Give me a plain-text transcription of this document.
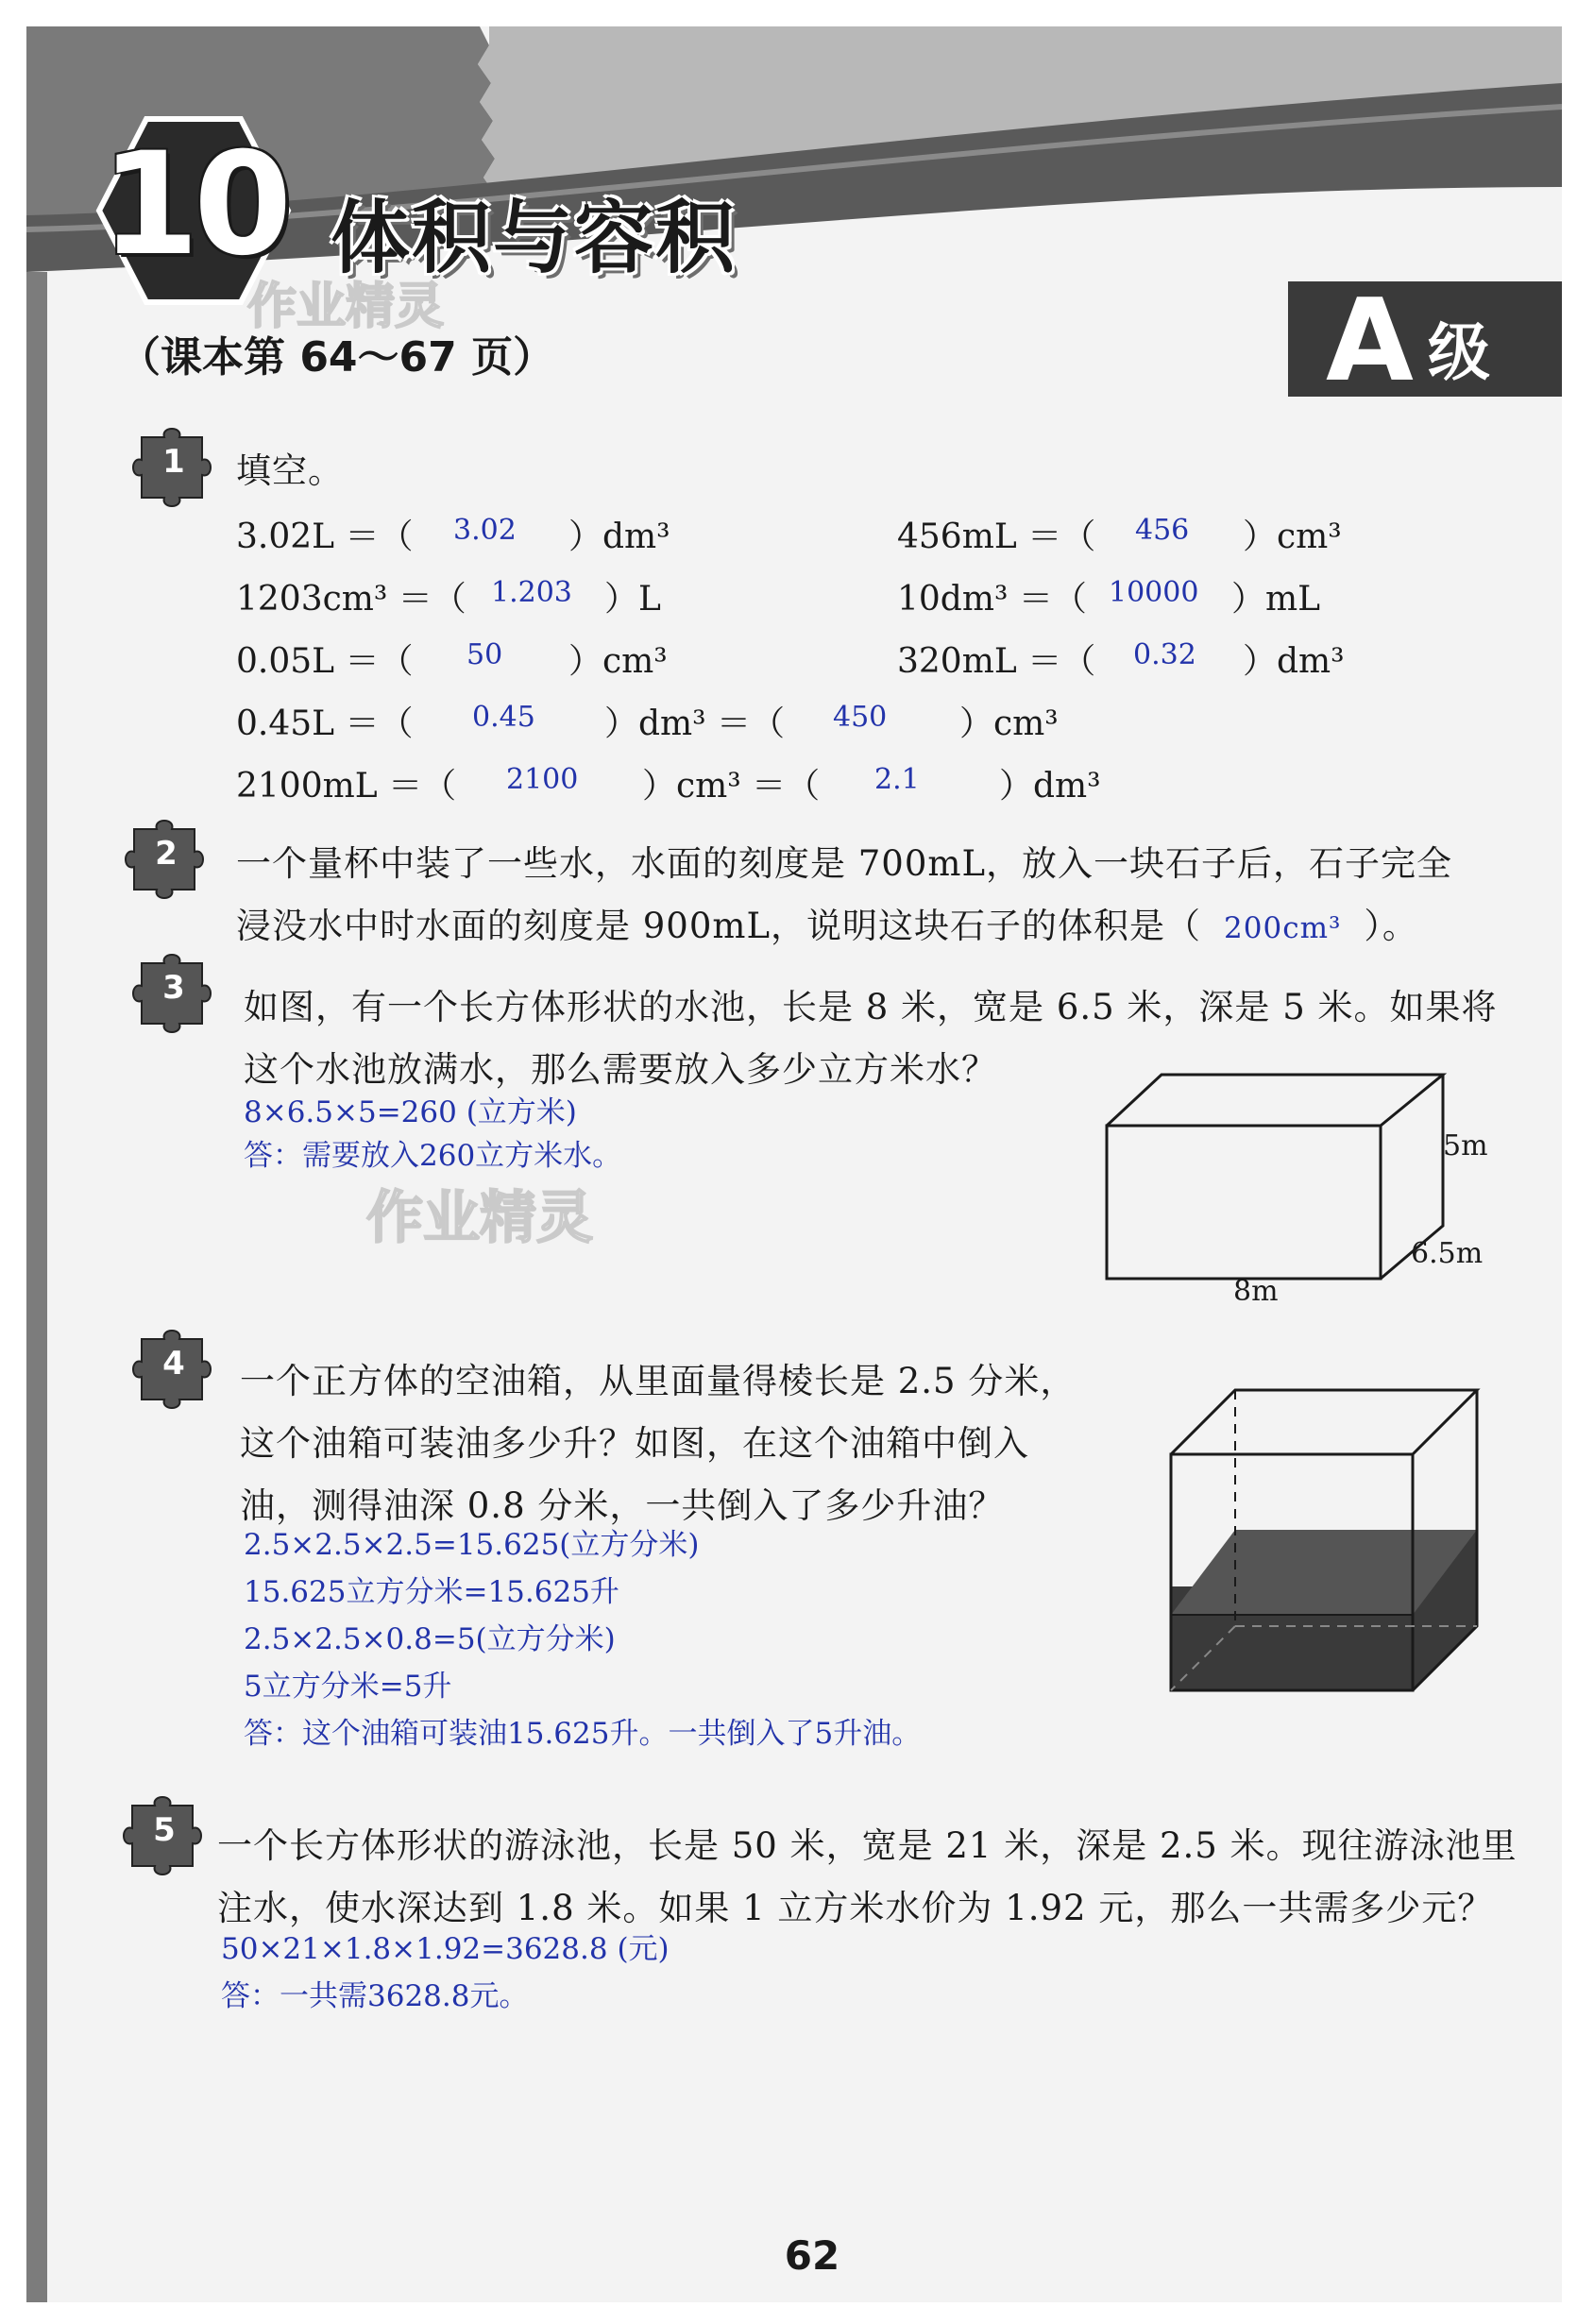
10 体积与容积
作业精灵
（课本第 64～67 页）	A 级
1	填空。
3.02L ＝（ 3.02 ）dm³	456mL ＝（ 456 ）cm³
1203cm³ ＝（ 1.203 ）L	10dm³ ＝（ 10000 ）mL
0.05L ＝（ 50 ）cm³	320mL ＝（ 0.32 ）dm³
0.45L ＝（ 0.45 ）dm³ ＝（ 450 ）cm³
2100mL ＝（ 2100 ）cm³ ＝（ 2.1 ）dm³
2	一个量杯中装了一些水，水面的刻度是 700mL，放入一块石子后，石子完全
浸没水中时水面的刻度是 900mL，说明这块石子的体积是（ 200cm³ ）。
3	如图，有一个长方体形状的水池，长是 8 米，宽是 6.5 米，深是 5 米。如果将
这个水池放满水，那么需要放入多少立方米水？
8×6.5×5=260 (立方米)
答：需要放入260立方米水。
作业精灵
5m
6.5m
8m
4	一个正方体的空油箱，从里面量得棱长是 2.5 分米，
这个油箱可装油多少升？如图，在这个油箱中倒入
油，测得油深 0.8 分米，一共倒入了多少升油？
2.5×2.5×2.5=15.625(立方分米)
15.625立方分米=15.625升
2.5×2.5×0.8=5(立方分米)
5立方分米=5升
答：这个油箱可装油15.625升。一共倒入了5升油。
5	一个长方体形状的游泳池，长是 50 米，宽是 21 米，深是 2.5 米。现往游泳池里
注水，使水深达到 1.8 米。如果 1 立方米水价为 1.92 元，那么一共需多少元？
50×21×1.8×1.92=3628.8 (元)
答：一共需3628.8元。
62
